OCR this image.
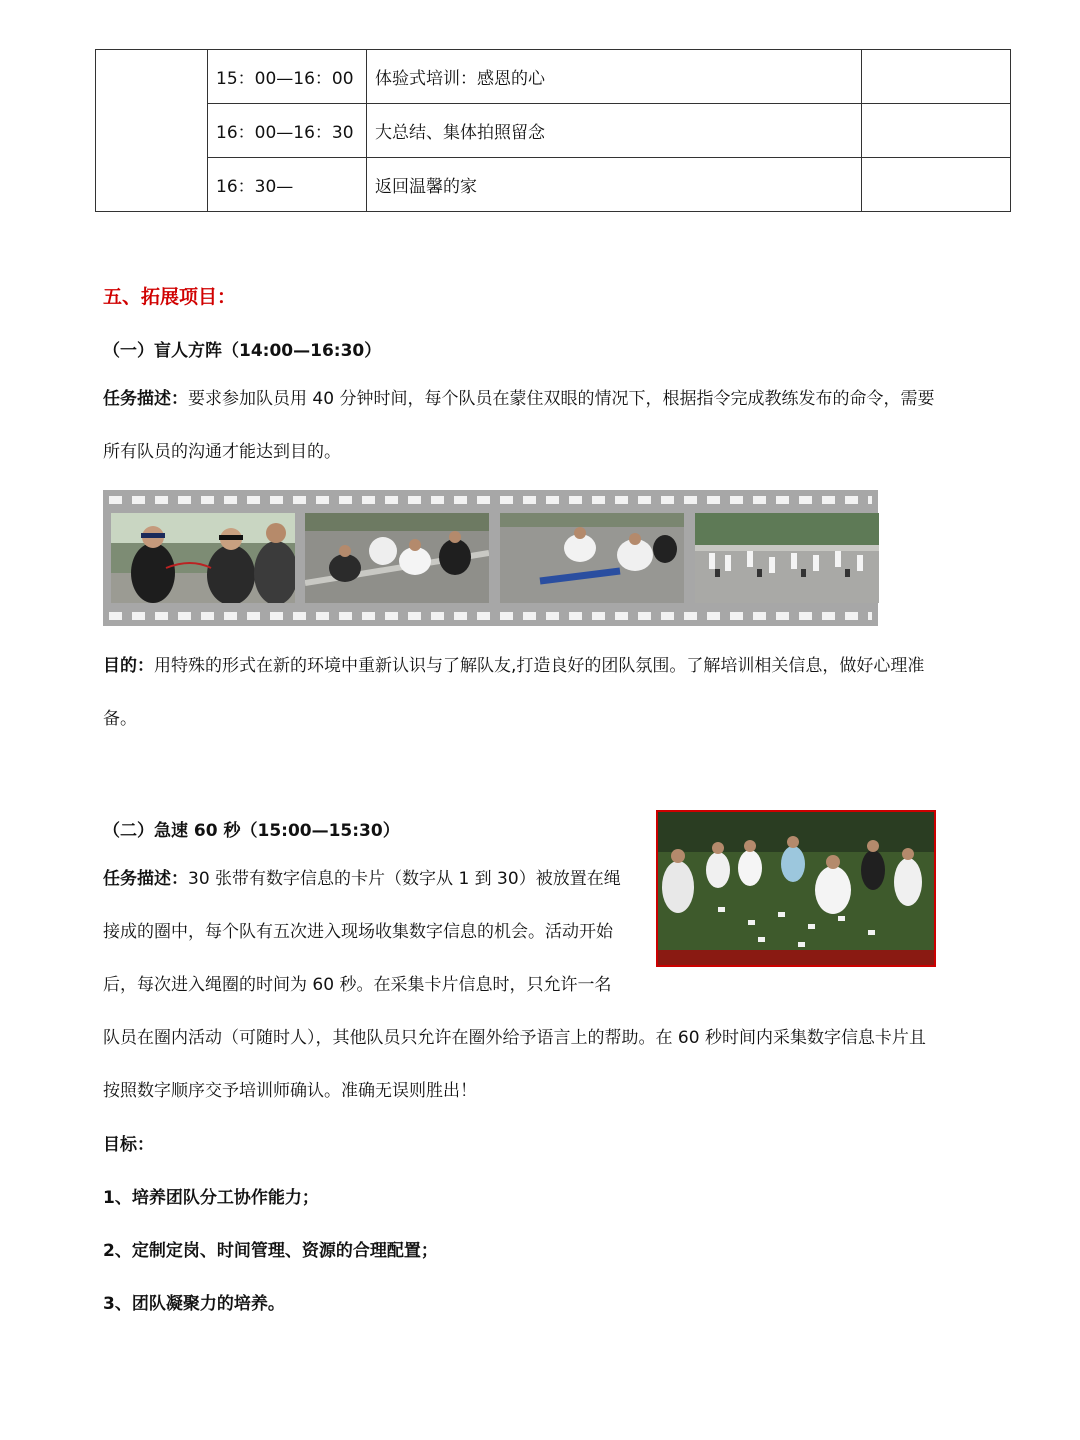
	15：00—16：00	体验式培训：感恩的心	
	16：00—16：30	大总结、集体拍照留念	
	16：30—	返回温馨的家	
五、拓展项目：
（一）盲人方阵（14:00—16:30）
任务描述：要求参加队员用 40 分钟时间，每个队员在蒙住双眼的情况下，根据指令完成教练发布的命令，需要
所有队员的沟通才能达到目的。
目的：用特殊的形式在新的环境中重新认识与了解队友,打造良好的团队氛围。了解培训相关信息，做好心理准
备。
（二）急速 60 秒（15:00—15:30）
任务描述：30 张带有数字信息的卡片（数字从 1 到 30）被放置在绳
接成的圈中，每个队有五次进入现场收集数字信息的机会。活动开始
后，每次进入绳圈的时间为 60 秒。在采集卡片信息时，只允许一名
队员在圈内活动（可随时人），其他队员只允许在圈外给予语言上的帮助。在 60 秒时间内采集数字信息卡片且
按照数字顺序交予培训师确认。准确无误则胜出！
目标：
1、培养团队分工协作能力；
2、定制定岗、时间管理、资源的合理配置；
3、团队凝聚力的培养。
